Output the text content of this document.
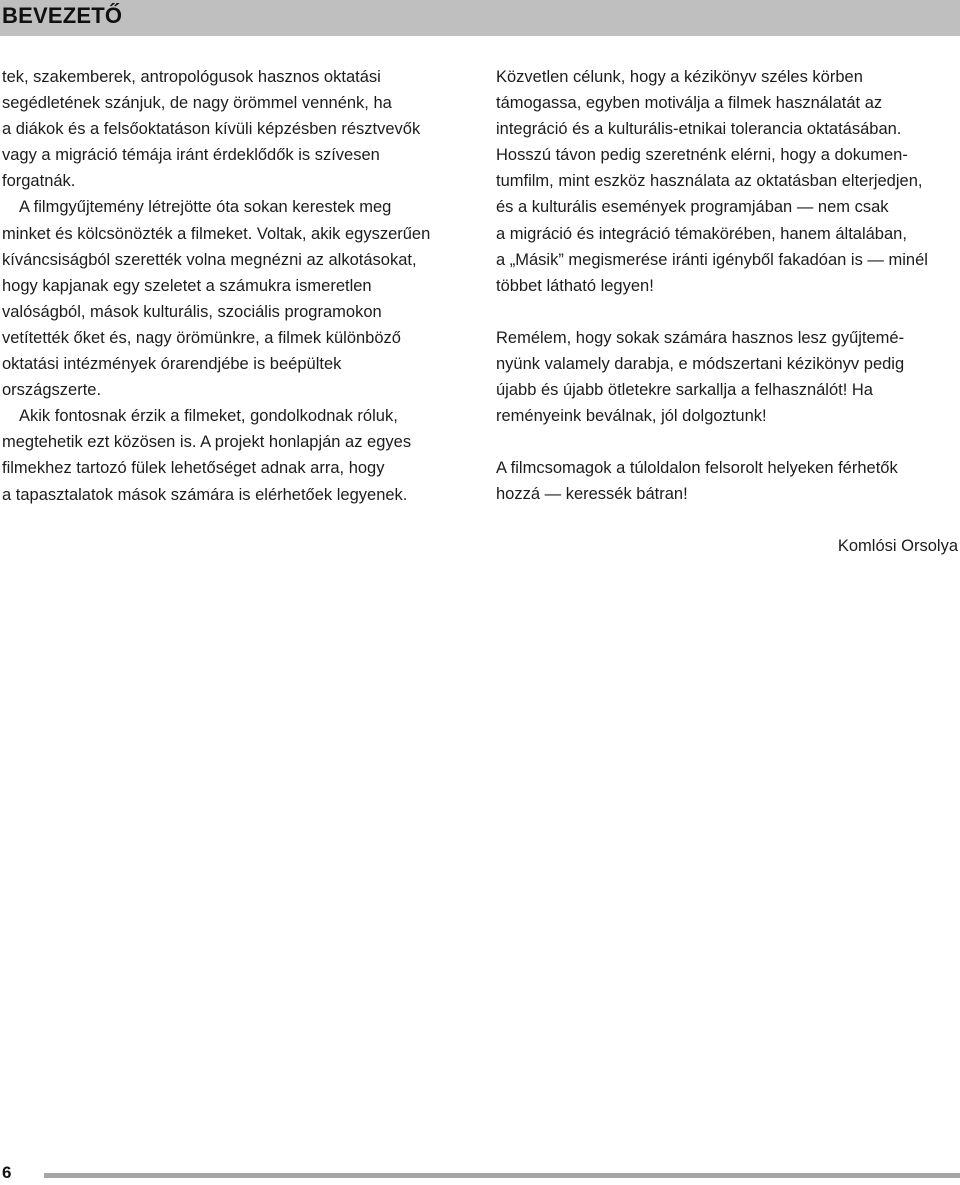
BEVEZETŐ

tek, szakemberek, antropológusok hasznos oktatási
segédletének szánjuk, de nagy örömmel vennénk, ha
a diákok és a felsőoktatáson kívüli képzésben résztvevők
vagy a migráció témája iránt érdeklődők is szívesen
forgatnák.

A filmgyűjtemény létrejötte óta sokan kerestek meg
minket és kölcsönözték a filmeket. Voltak, akik egyszerűen
kíváncsiságból szerették volna megnézni az alkotásokat,
hogy kapjanak egy szeletet a számukra ismeretlen
valóságból, mások kulturális, szociális programokon
vetítették őket és, nagy örömünkre, a filmek különböző
oktatási intézmények órarendjébe is beépültek
országszerte.

Akik fontosnak érzik a filmeket, gondolkodnak róluk,
megtehetik ezt közösen is. A projekt honlapján az egyes
filmekhez tartozó fülek lehetőséget adnak arra, hogy
a tapasztalatok mások számára is elérhetőek legyenek.

Közvetlen célunk, hogy a kézikönyv széles körben
támogassa, egyben motiválja a filmek használatát az
integráció és a kulturális-etnikai tolerancia oktatásában.
Hosszú távon pedig szeretnénk elérni, hogy a dokumen-
tumfilm, mint eszköz használata az oktatásban elterjedjen,
és a kulturális események programjában — nem csak
a migráció és integráció témakörében, hanem általában,
a „Másik” megismerése iránti igényből fakadóan is — minél
többet látható legyen!

Remélem, hogy sokak számára hasznos lesz gyűjtemé-
nyünk valamely darabja, e módszertani kézikönyv pedig
újabb és újabb ötletekre sarkallja a felhasználót! Ha
reményeink beválnak, jól dolgoztunk!

A filmcsomagok a túloldalon felsorolt helyeken férhetők
hozzá — keressék bátran!

Komlósi Orsolya

6
